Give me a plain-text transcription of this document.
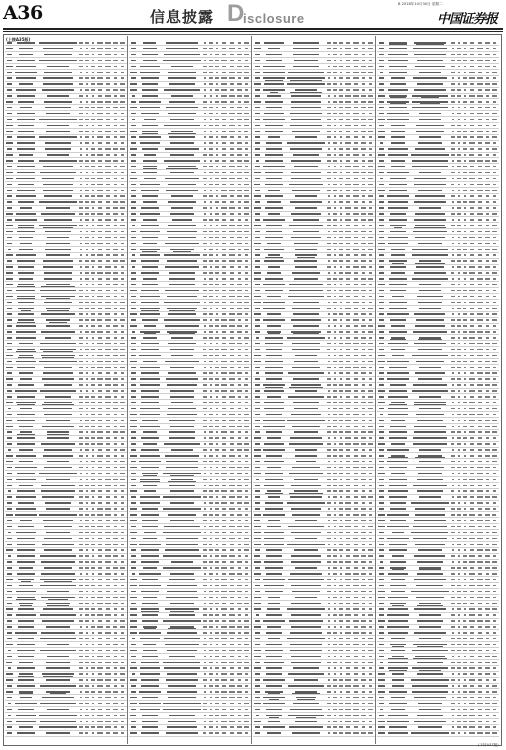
A36	信息披露 D
isclosure
B 2018年10月30日 星期二
中国证券报
(上接A35版)
(下转A37版)
